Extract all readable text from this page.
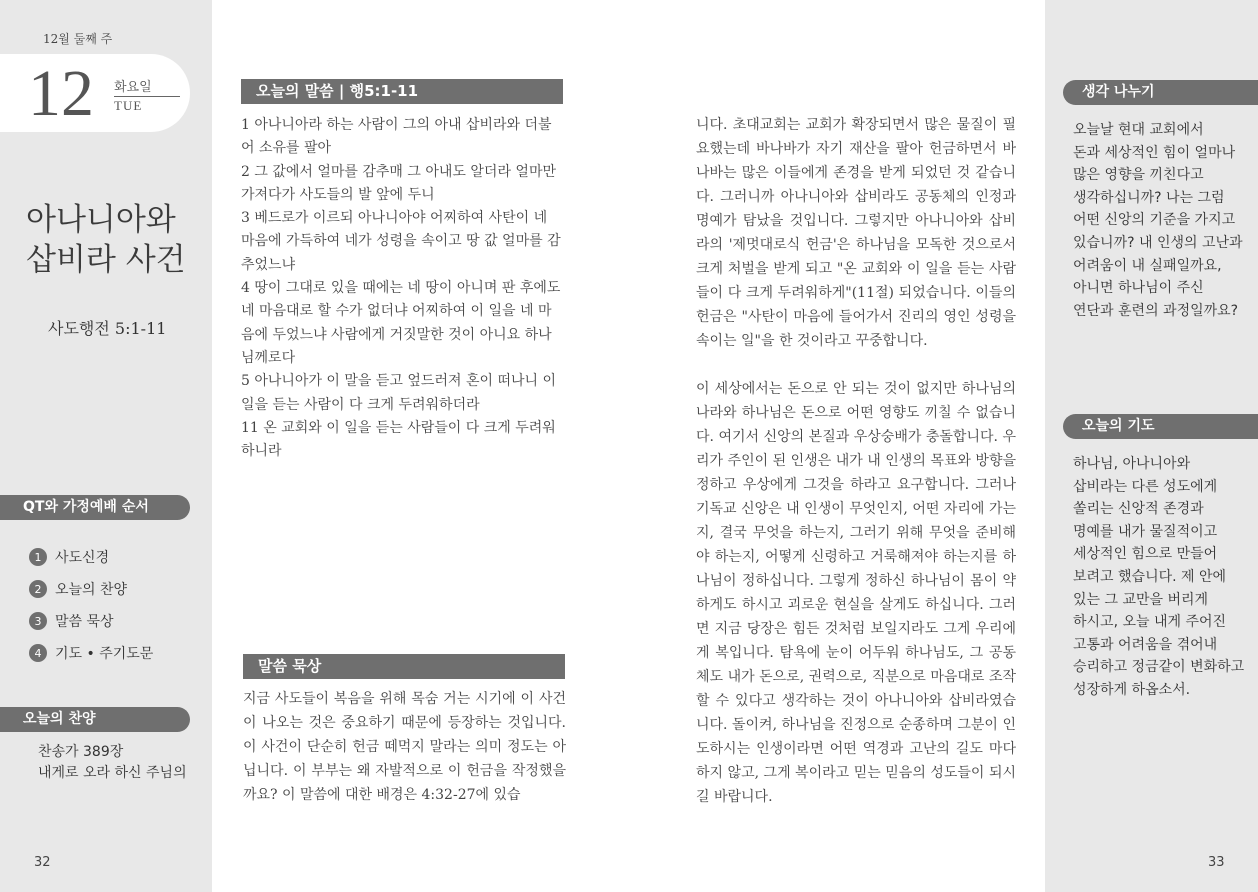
12월 둘째 주
12 화요일
TUE
아나니아와
삽비라 사건
사도행전 5:1-11
QT와 가정예배 순서
1 사도신경
2 오늘의 찬양
3 말씀 묵상
4 기도 • 주기도문
오늘의 찬양
찬송가 389장
내게로 오라 하신 주님의
32	33
오늘의 말씀 | 행5:1-11

1 아나니아라 하는 사람이 그의 아내 삽비라와 더불어 소유를 팔아

2 그 값에서 얼마를 감추매 그 아내도 알더라 얼마만 가져다가 사도들의 발 앞에 두니

3 베드로가 이르되 아나니아야 어찌하여 사탄이 네 마음에 가득하여 네가 성령을 속이고 땅 값 얼마를 감추었느냐

4 땅이 그대로 있을 때에는 네 땅이 아니며 판 후에도 네 마음대로 할 수가 없더냐 어찌하여 이 일을 네 마음에 두었느냐 사람에게 거짓말한 것이 아니요 하나님께로다

5 아나니아가 이 말을 듣고 엎드러져 혼이 떠나니 이 일을 듣는 사람이 다 크게 두려워하더라

11 온 교회와 이 일을 듣는 사람들이 다 크게 두려워하니라

말씀 묵상
지금 사도들이 복음을 위해 목숨 거는 시기에 이 사건이 나오는 것은 중요하기 때문에 등장하는 것입니다. 이 사건이 단순히 헌금 떼먹지 말라는 의미 정도는 아닙니다. 이 부부는 왜 자발적으로 이 헌금을 작정했을까요? 이 말씀에 대한 배경은 4:32-27에 있습

니다. 초대교회는 교회가 확장되면서 많은 물질이 필요했는데 바나바가 자기 재산을 팔아 헌금하면서 바나바는 많은 이들에게 존경을 받게 되었던 것 같습니다. 그러니까 아나니아와 삽비라도 공동체의 인정과 명예가 탐났을 것입니다. 그렇지만 아나니아와 삽비라의 '제멋대로식 헌금'은 하나님을 모독한 것으로서 크게 처벌을 받게 되고 "온 교회와 이 일을 듣는 사람들이 다 크게 두려워하게"(11절) 되었습니다. 이들의 헌금은 "사탄이 마음에 들어가서 진리의 영인 성령을 속이는 일"을 한 것이라고 꾸중합니다.

이 세상에서는 돈으로 안 되는 것이 없지만 하나님의 나라와 하나님은 돈으로 어떤 영향도 끼칠 수 없습니다. 여기서 신앙의 본질과 우상숭배가 충돌합니다. 우리가 주인이 된 인생은 내가 내 인생의 목표와 방향을 정하고 우상에게 그것을 하라고 요구합니다. 그러나 기독교 신앙은 내 인생이 무엇인지, 어떤 자리에 가는지, 결국 무엇을 하는지, 그러기 위해 무엇을 준비해야 하는지, 어떻게 신령하고 거룩해져야 하는지를 하나님이 정하십니다. 그렇게 정하신 하나님이 몸이 약하게도 하시고 괴로운 현실을 살게도 하십니다. 그러면 지금 당장은 힘든 것처럼 보일지라도 그게 우리에게 복입니다. 탐욕에 눈이 어두워 하나님도, 그 공동체도 내가 돈으로, 권력으로, 직분으로 마음대로 조작할 수 있다고 생각하는 것이 아나니아와 삽비라였습니다. 돌이켜, 하나님을 진정으로 순종하며 그분이 인도하시는 인생이라면 어떤 역경과 고난의 길도 마다하지 않고, 그게 복이라고 믿는 믿음의 성도들이 되시길 바랍니다.

생각 나누기
오늘날 현대 교회에서
돈과 세상적인 힘이 얼마나
많은 영향을 끼친다고
생각하십니까? 나는 그럼
어떤 신앙의 기준을 가지고
있습니까? 내 인생의 고난과
어려움이 내 실패일까요,
아니면 하나님이 주신
연단과 훈련의 과정일까요?
오늘의 기도
하나님, 아나니아와
삽비라는 다른 성도에게
쏠리는 신앙적 존경과
명예를 내가 물질적이고
세상적인 힘으로 만들어
보려고 했습니다. 제 안에
있는 그 교만을 버리게
하시고, 오늘 내게 주어진
고통과 어려움을 겪어내
승리하고 정금같이 변화하고
성장하게 하옵소서.
